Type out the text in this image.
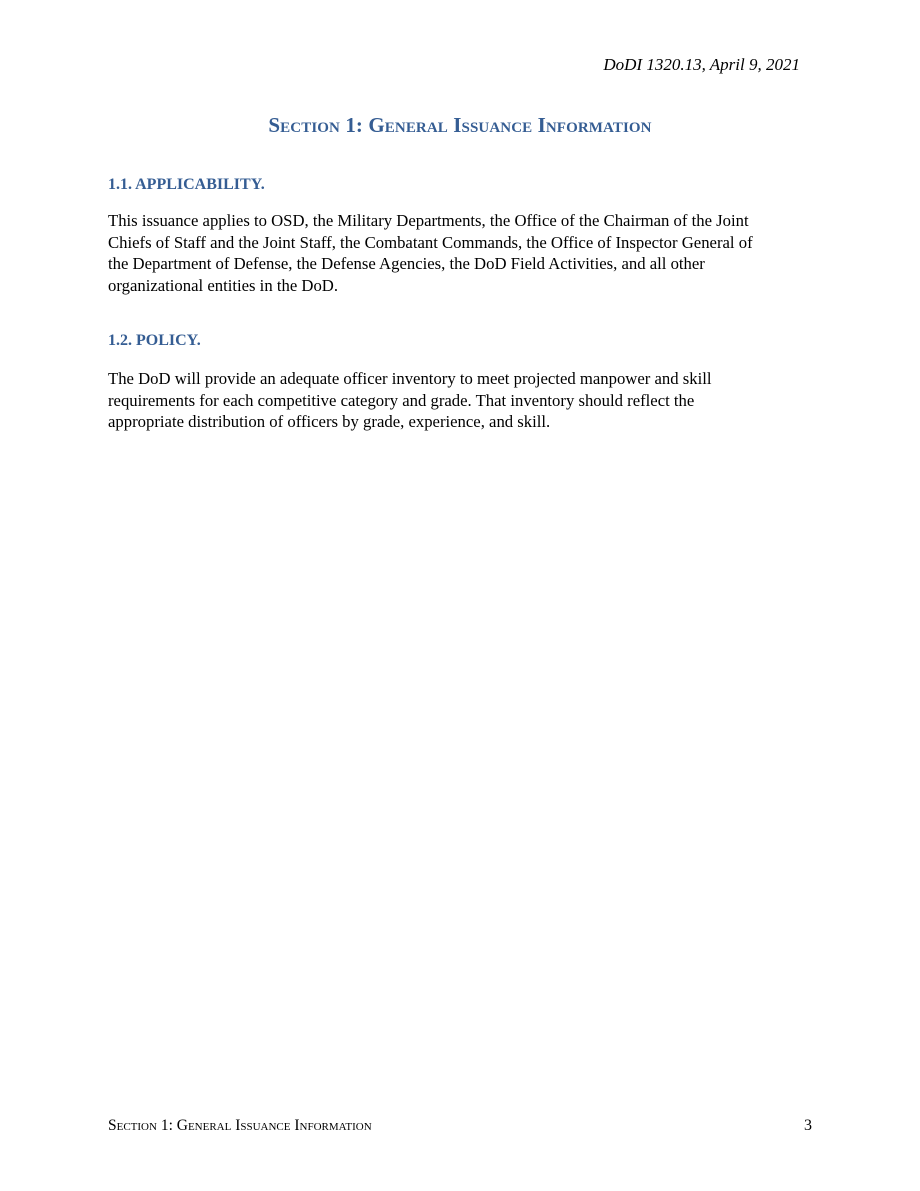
DoDI 1320.13, April 9, 2021
Section 1: General Issuance Information
1.1. APPLICABILITY.

This issuance applies to OSD, the Military Departments, the Office of the Chairman of the Joint
Chiefs of Staff and the Joint Staff, the Combatant Commands, the Office of Inspector General of
the Department of Defense, the Defense Agencies, the DoD Field Activities, and all other
organizational entities in the DoD.

1.2. POLICY.

The DoD will provide an adequate officer inventory to meet projected manpower and skill
requirements for each competitive category and grade. That inventory should reflect the
appropriate distribution of officers by grade, experience, and skill.

Section 1: General Issuance Information	3
